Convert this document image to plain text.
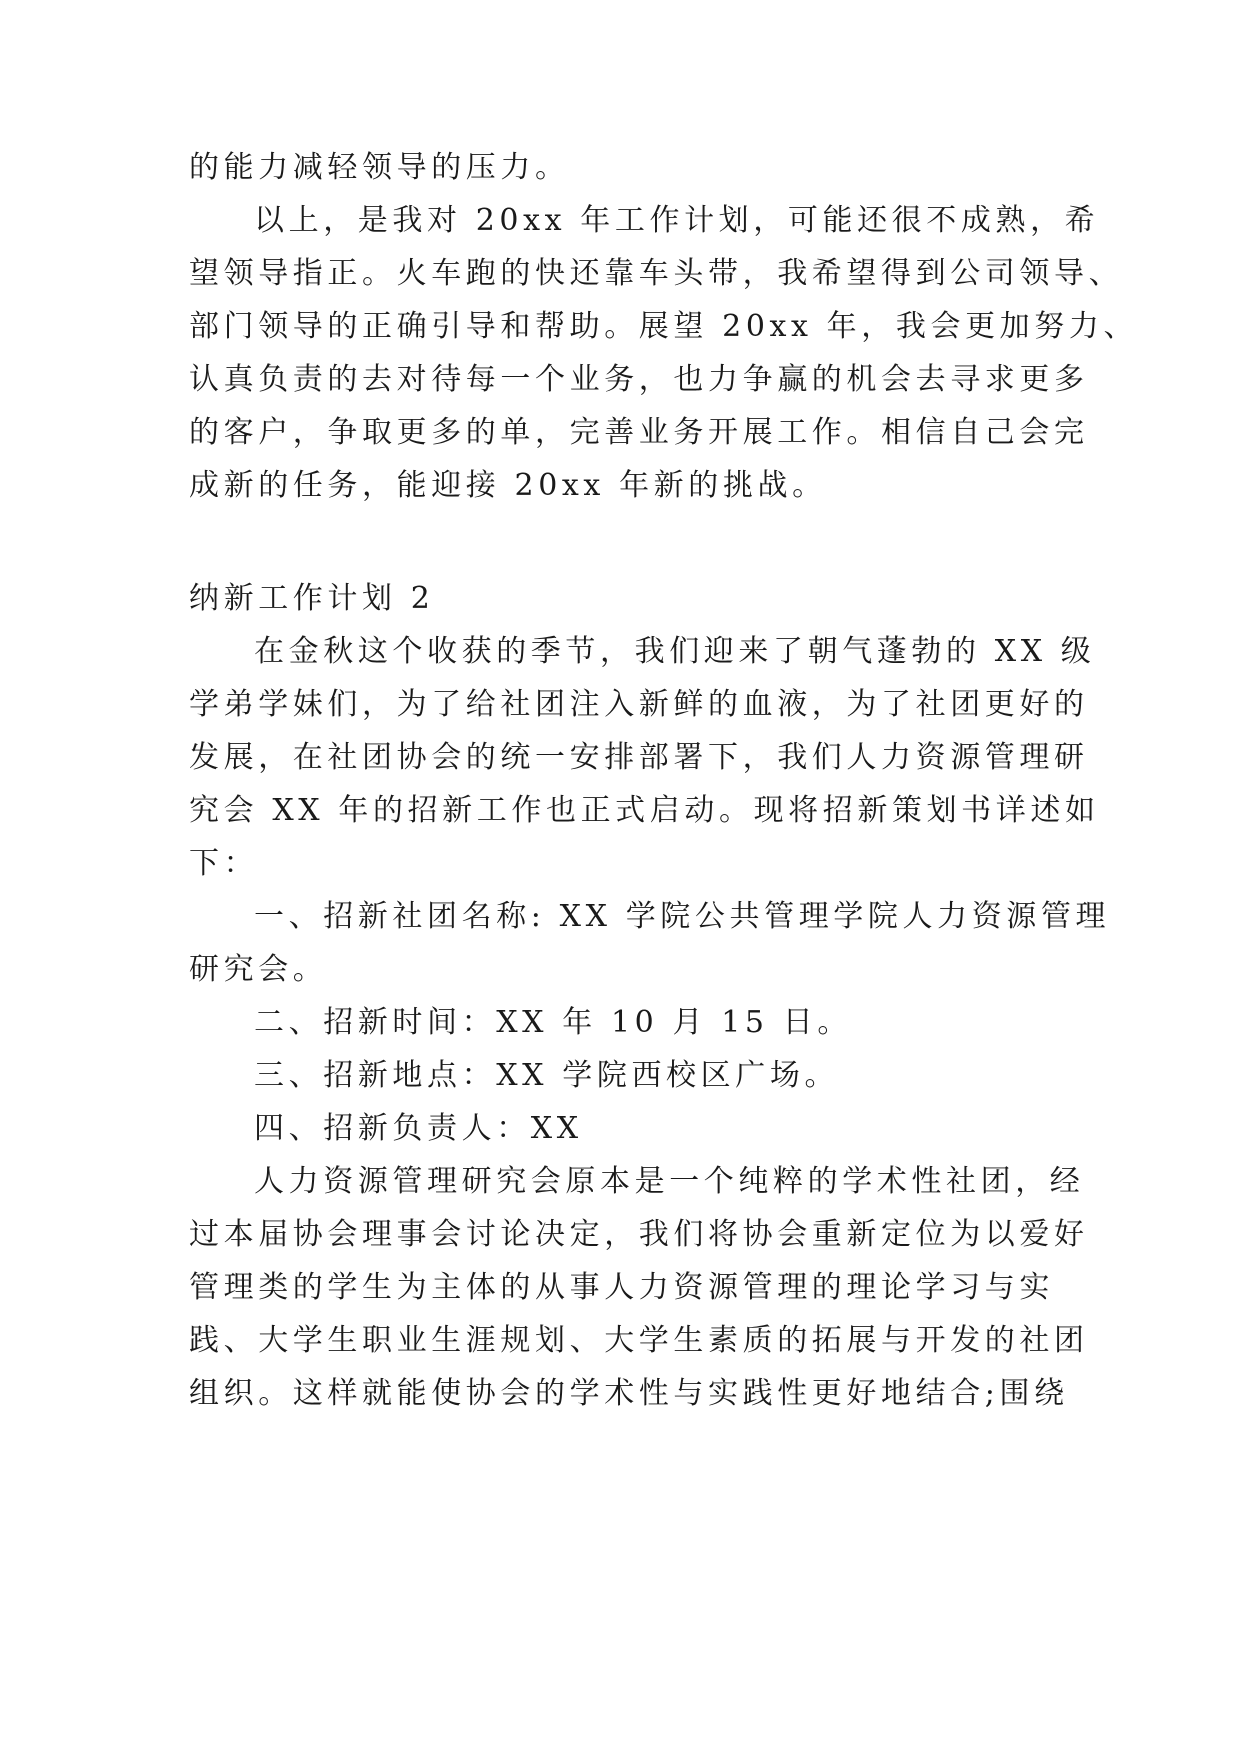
的能力减轻领导的压力。
以上，是我对 20xx 年工作计划，可能还很不成熟，希
望领导指正。火车跑的快还靠车头带，我希望得到公司领导、
部门领导的正确引导和帮助。展望 20xx 年，我会更加努力、
认真负责的去对待每一个业务，也力争赢的机会去寻求更多
的客户，争取更多的单，完善业务开展工作。相信自己会完
成新的任务，能迎接 20xx 年新的挑战。
纳新工作计划 2
在金秋这个收获的季节，我们迎来了朝气蓬勃的 XX 级
学弟学妹们，为了给社团注入新鲜的血液，为了社团更好的
发展，在社团协会的统一安排部署下，我们人力资源管理研
究会 XX 年的招新工作也正式启动。现将招新策划书详述如
下：
一、招新社团名称: XX 学院公共管理学院人力资源管理
研究会。
二、招新时间：XX 年 10 月 15 日。
三、招新地点：XX 学院西校区广场。
四、招新负责人：XX
人力资源管理研究会原本是一个纯粹的学术性社团，经
过本届协会理事会讨论决定，我们将协会重新定位为以爱好
管理类的学生为主体的从事人力资源管理的理论学习与实
践、大学生职业生涯规划、大学生素质的拓展与开发的社团
组织。这样就能使协会的学术性与实践性更好地结合;围绕
